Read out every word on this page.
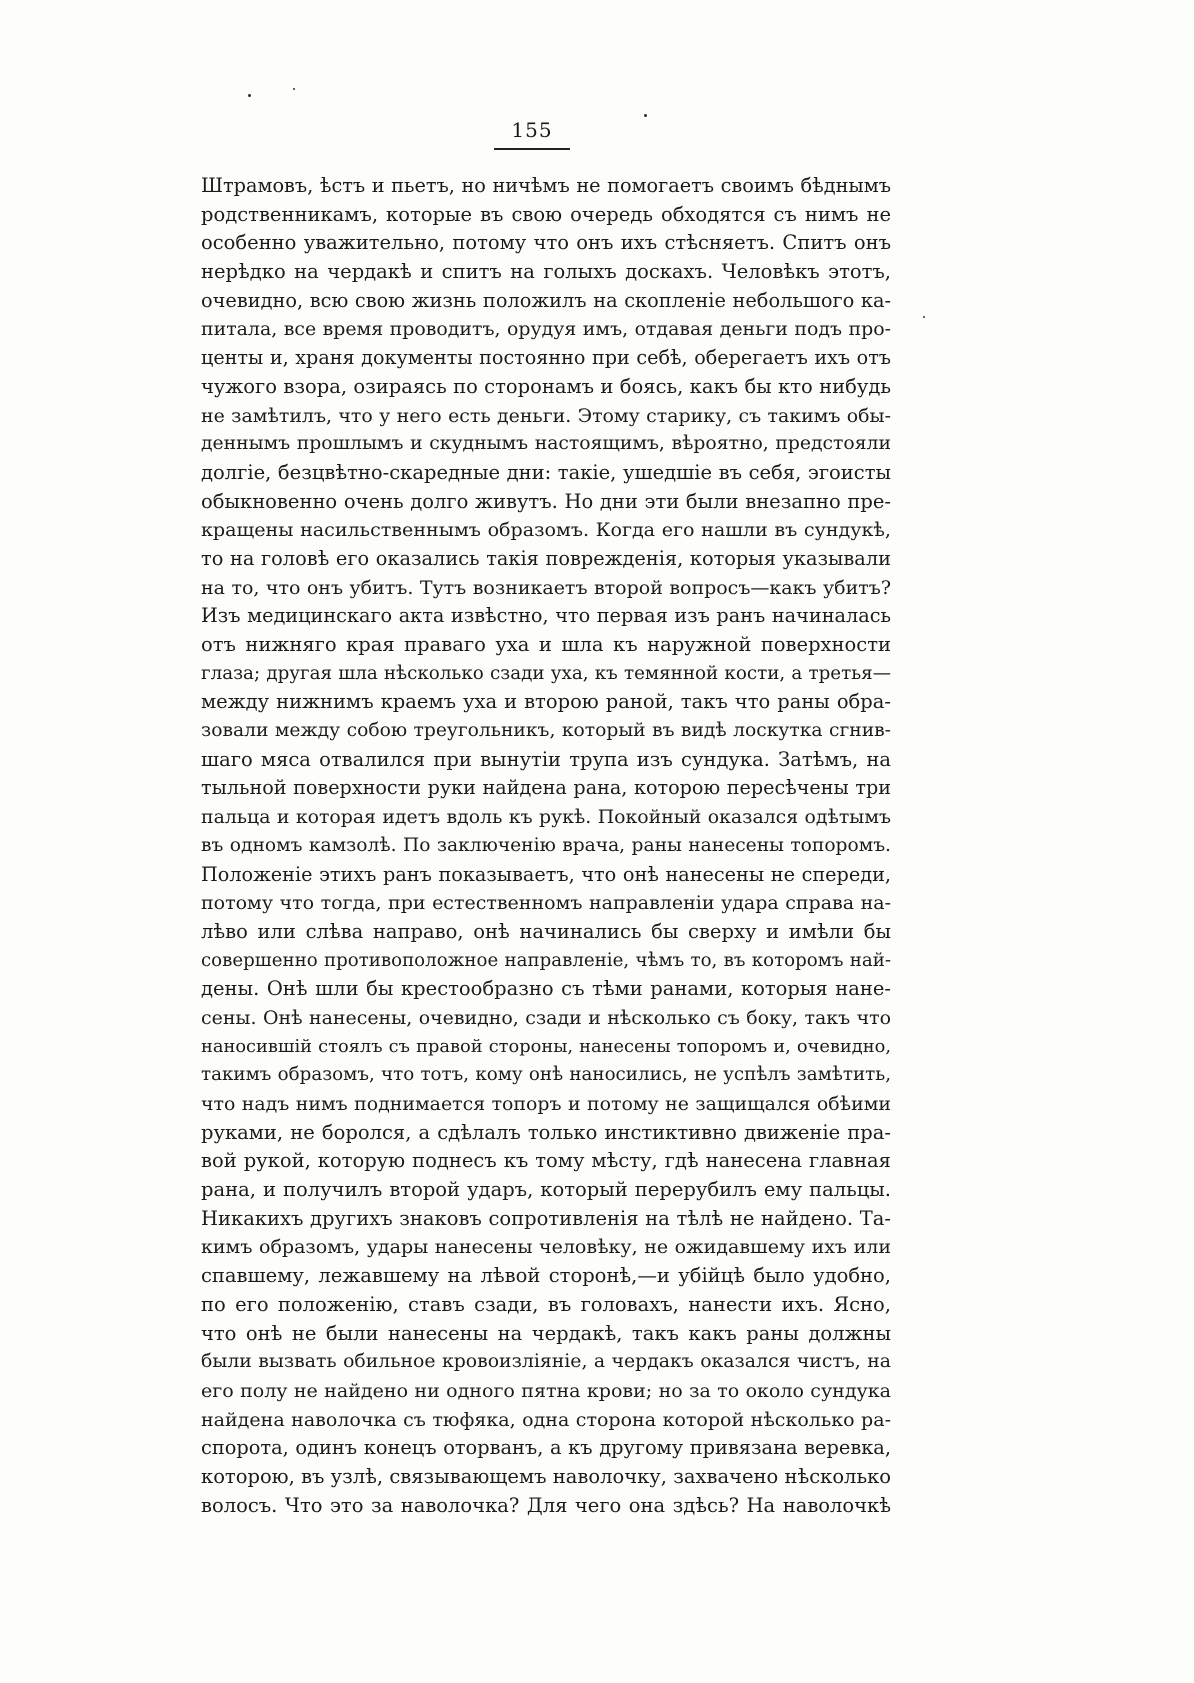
155
Штрамовъ, ѣстъ и пьетъ, но ничѣмъ не помогаетъ своимъ бѣднымъ
родственникамъ, которые въ свою очередь обходятся съ нимъ не
особенно уважительно, потому что онъ ихъ стѣсняетъ. Спитъ онъ
нерѣдко на чердакѣ и спитъ на голыхъ доскахъ. Человѣкъ этотъ,
очевидно, всю свою жизнь положилъ на скопленіе небольшого ка-
питала, все время проводитъ, орудуя имъ, отдавая деньги подъ про-
центы и, храня документы постоянно при себѣ, оберегаетъ ихъ отъ
чужого взора, озираясь по сторонамъ и боясь, какъ бы кто нибудь
не замѣтилъ, что у него есть деньги. Этому старику, съ такимъ обы-
деннымъ прошлымъ и скуднымъ настоящимъ, вѣроятно, предстояли
долгіе, безцвѣтно-скаредные дни: такіе, ушедшіе въ себя, эгоисты
обыкновенно очень долго живутъ. Но дни эти были внезапно пре-
кращены насильственнымъ образомъ. Когда его нашли въ сундукѣ,
то на головѣ его оказались такія поврежденія, которыя указывали
на то, что онъ убитъ. Тутъ возникаетъ второй вопросъ—какъ убитъ?
Изъ медицинскаго акта извѣстно, что первая изъ ранъ начиналась
отъ нижняго края праваго уха и шла къ наружной поверхности
глаза; другая шла нѣсколько сзади уха, къ темянной кости, а третья—
между нижнимъ краемъ уха и второю раной, такъ что раны обра-
зовали между собою треугольникъ, который въ видѣ лоскутка сгнив-
шаго мяса отвалился при вынутіи трупа изъ сундука. Затѣмъ, на
тыльной поверхности руки найдена рана, которою пересѣчены три
пальца и которая идетъ вдоль къ рукѣ. Покойный оказался одѣтымъ
въ одномъ камзолѣ. По заключенію врача, раны нанесены топоромъ.
Положеніе этихъ ранъ показываетъ, что онѣ нанесены не спереди,
потому что тогда, при естественномъ направленіи удара справа на-
лѣво или слѣва направо, онѣ начинались бы сверху и имѣли бы
совершенно противоположное направленіе, чѣмъ то, въ которомъ най-
дены. Онѣ шли бы крестообразно съ тѣми ранами, которыя нане-
сены. Онѣ нанесены, очевидно, сзади и нѣсколько съ боку, такъ что
наносившій стоялъ съ правой стороны, нанесены топоромъ и, очевидно,
такимъ образомъ, что тотъ, кому онѣ наносились, не успѣлъ замѣтить,
что надъ нимъ поднимается топоръ и потому не защищался обѣими
руками, не боролся, а сдѣлалъ только инстиктивно движеніе пра-
вой рукой, которую поднесъ къ тому мѣсту, гдѣ нанесена главная
рана, и получилъ второй ударъ, который перерубилъ ему пальцы.
Никакихъ другихъ знаковъ сопротивленія на тѣлѣ не найдено. Та-
кимъ образомъ, удары нанесены человѣку, не ожидавшему ихъ или
спавшему, лежавшему на лѣвой сторонѣ,—и убійцѣ было удобно,
по его положенію, ставъ сзади, въ головахъ, нанести ихъ. Ясно,
что онѣ не были нанесены на чердакѣ, такъ какъ раны должны
были вызвать обильное кровоизліяніе, а чердакъ оказался чистъ, на
его полу не найдено ни одного пятна крови; но за то около сундука
найдена наволочка съ тюфяка, одна сторона которой нѣсколько ра-
спорота, одинъ конецъ оторванъ, а къ другому привязана веревка,
которою, въ узлѣ, связывающемъ наволочку, захвачено нѣсколько
волосъ. Что это за наволочка? Для чего она здѣсь? На наволочкѣ
